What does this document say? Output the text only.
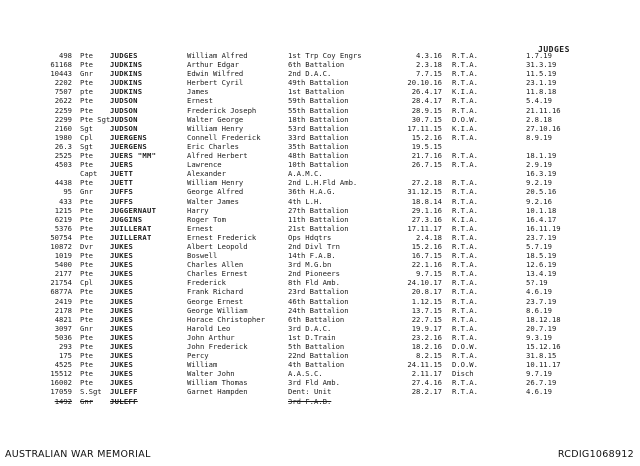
JUDGES
498 Pte	JUDGES	William Alfred	1st Trp Coy Engrs	4.3.16 R.T.A.	1.7.19
61168 Pte	JUDKINS	Arthur Edgar	6th Battalion	2.3.18 R.T.A.	31.3.19
10443 Gnr	JUDKINS	Edwin Wilfred	2nd D.A.C.	7.7.15 R.T.A.	11.5.19
2202 Pte	JUDKINS	Herbert Cyril	49th Battalion	20.10.16 R.T.A.	23.1.19
7507 pte	JUDKINS	James	1st Battalion	26.4.17 K.I.A.	11.8.18
2622 Pte	JUDSON	Ernest	59th Battalion	28.4.17 R.T.A.	5.4.19
2259 Pte	JUDSON	Frederick Joseph	55th Battalion	28.9.15 R.T.A.	21.11.16
2299 Pte Sgt JUDSON	Walter George	18th Battalion	30.7.15 D.O.W.	2.8.18
2160 Sgt	JUDSON	William Henry	53rd Battalion	17.11.15 K.I.A.	27.10.16
1980 Cpl	JUERGENS	Connell Frederick	33rd Battalion	15.2.16 R.T.A.	8.9.19
26.3 Sgt	JUERGENS	Eric Charles	35th Battalion	19.5.15
2525 Pte	JUERS "MM"	Alfred Herbert	48th Battalion	21.7.16 R.T.A.	18.1.19
4503 Pte	JUERS	Lawrence	10th Battalion	26.7.15 R.T.A.	2.9.19
Capt	JUETT	Alexander	A.A.M.C.	16.3.19
4438 Pte	JUETT	William Henry	2nd L.H.Fld Amb.	27.2.18 R.T.A.	9.2.19
95 Gnr	JUFFS	George Alfred	36th H.A.G.	31.12.15 R.T.A.	20.5.16
433 Pte	JUFFS	Walter James	4th L.H.	18.8.14 R.T.A.	9.2.16
1215 Pte	JUGGERNAUT	Harry	27th Battalion	29.1.16 R.T.A.	10.1.18
6219 Pte	JUGGINS	Roger Tom	11th Battalion	27.3.16 K.I.A.	16.4.17
5376 Pte	JUILLERAT	Ernest	21st Battalion	17.11.17 R.T.A.	16.11.19
50754 Pte	JUILLERAT	Ernest Frederick	Ops Hdqtrs	2.4.18 R.T.A.	23.7.19
10872 Dvr	JUKES	Albert Leopold	2nd Divl Trn	15.2.16 R.T.A.	5.7.19
1019 Pte	JUKES	Boswell	14th F.A.B.	16.7.15 R.T.A.	18.5.19
5400 Pte	JUKES	Charles Allen	3rd M.G.bn	22.1.16 R.T.A.	12.6.19
2177 Pte	JUKES	Charles Ernest	2nd Pioneers	9.7.15 R.T.A.	13.4.19
21754 Cpl	JUKES	Frederick	8th Fld Amb.	24.10.17 R.T.A.	5?.19
6877A Pte	JUKES	Frank Richard	23rd Battalion	20.8.17 R.T.A.	4.6.19
2419 Pte	JUKES	George Ernest	46th Battalion	1.12.15 R.T.A.	23.7.19
2178 Pte	JUKES	George William	24th Battalion	13.7.15 R.T.A.	8.6.19
4821 Pte	JUKES	Horace Christopher	6th Battalion	22.7.15 R.T.A.	18.12.18
3097 Gnr	JUKES	Harold Leo	3rd D.A.C.	19.9.17 R.T.A.	20.7.19
5036 Pte	JUKES	John Arthur	1st D.Train	23.2.16 R.T.A.	9.3.19
293 Pte	JUKES	John Frederick	5th Battalion	18.2.16 D.O.W.	15.12.16
175 Pte	JUKES	Percy	22nd Battalion	8.2.15 R.T.A.	31.8.15
4525 Pte	JUKES	William	4th Battalion	24.11.15 D.O.W.	10.11.17
15512 Pte	JUKES	Walter John	A.A.S.C.	2.11.17 Disch	9.7.19
16002 Pte	JUKES	William Thomas	3rd Fld Amb.	27.4.16 R.T.A.	26.7.19
17059 S.Sgt	JULEFF	Garnet Hampden	Dent: Unit	28.2.17 R.T.A.	4.6.19
1492 Gnr	JULEFF	3rd F.A.B.
AUSTRALIAN WAR MEMORIAL	RCDIG1068912
